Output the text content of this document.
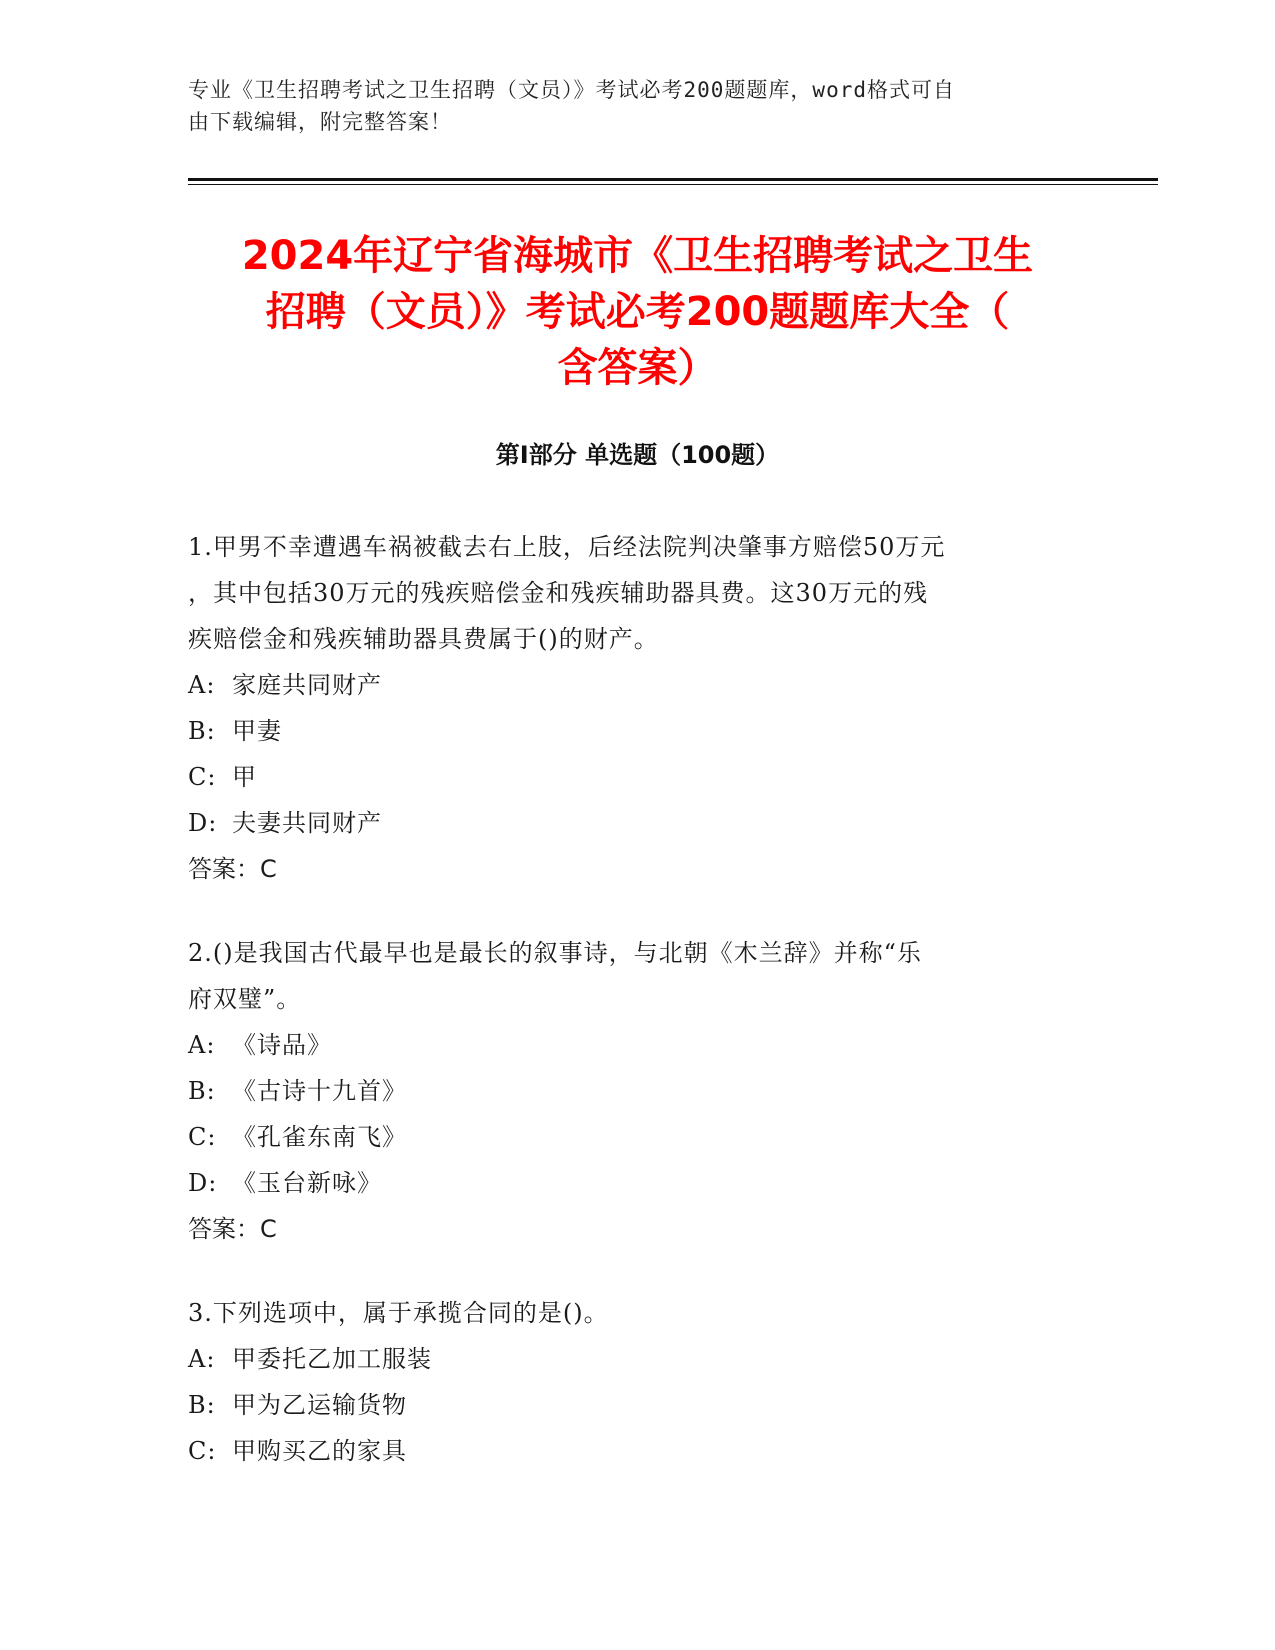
专业《卫生招聘考试之卫生招聘（文员）》考试必考200题题库，word格式可自
由下载编辑，附完整答案！
2024年辽宁省海城市《卫生招聘考试之卫生
招聘（文员）》考试必考200题题库大全（
含答案）
第Ⅰ部分 单选题（100题）
1.甲男不幸遭遇车祸被截去右上肢，后经法院判决肇事方赔偿50万元
，其中包括30万元的残疾赔偿金和残疾辅助器具费。这30万元的残
疾赔偿金和残疾辅助器具费属于()的财产。
A: 家庭共同财产
B: 甲妻
C: 甲
D: 夫妻共同财产
答案：C
2.()是我国古代最早也是最长的叙事诗，与北朝《木兰辞》并称“乐
府双璧”。
A: 《诗品》
B: 《古诗十九首》
C: 《孔雀东南飞》
D: 《玉台新咏》
答案：C
3.下列选项中，属于承揽合同的是()。
A: 甲委托乙加工服装
B: 甲为乙运输货物
C: 甲购买乙的家具
